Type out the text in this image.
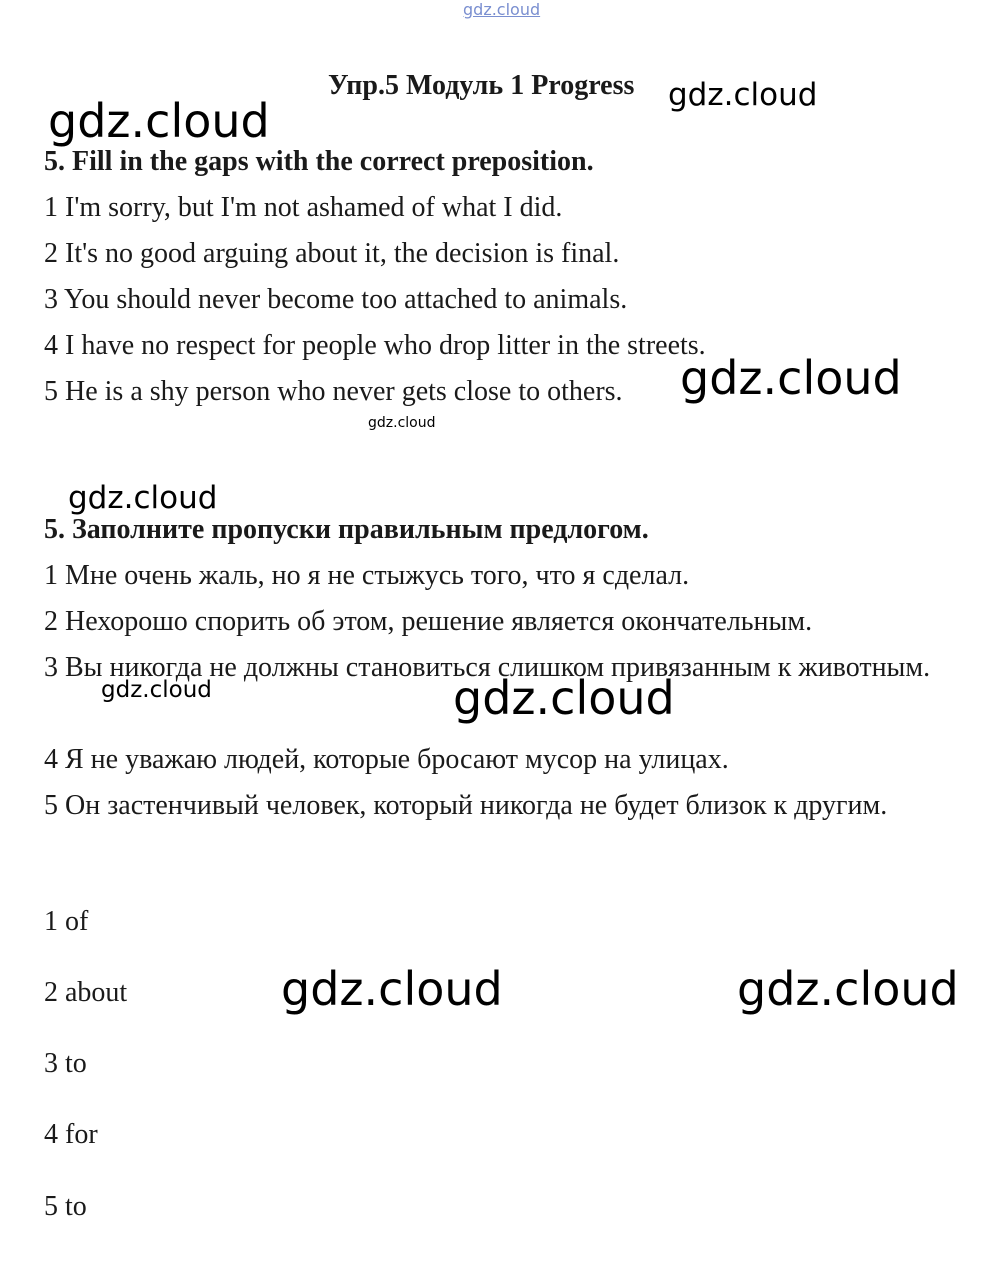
gdz.cloud
gdz.cloud	gdz.cloud
gdz.cloud
gdz.cloud
gdz.cloud
gdz.cloud	gdz.cloud
gdz.cloud	gdz.cloud
Упр.5 Модуль 1 Progress
5. Fill in the gaps with the correct preposition.
1 I'm sorry, but I'm not ashamed of what I did.
2 It's no good arguing about it, the decision is final.
3 You should never become too attached to animals.
4 I have no respect for people who drop litter in the streets.
5 He is a shy person who never gets close to others.
5. Заполните пропуски правильным предлогом.
1 Мне очень жаль, но я не стыжусь того, что я сделал.
2 Нехорошо спорить об этом, решение является окончательным.
3 Вы никогда не должны становиться слишком привязанным к животным.
4 Я не уважаю людей, которые бросают мусор на улицах.
5 Он застенчивый человек, который никогда не будет близок к другим.
1 of
2 about
3 to
4 for
5 to
